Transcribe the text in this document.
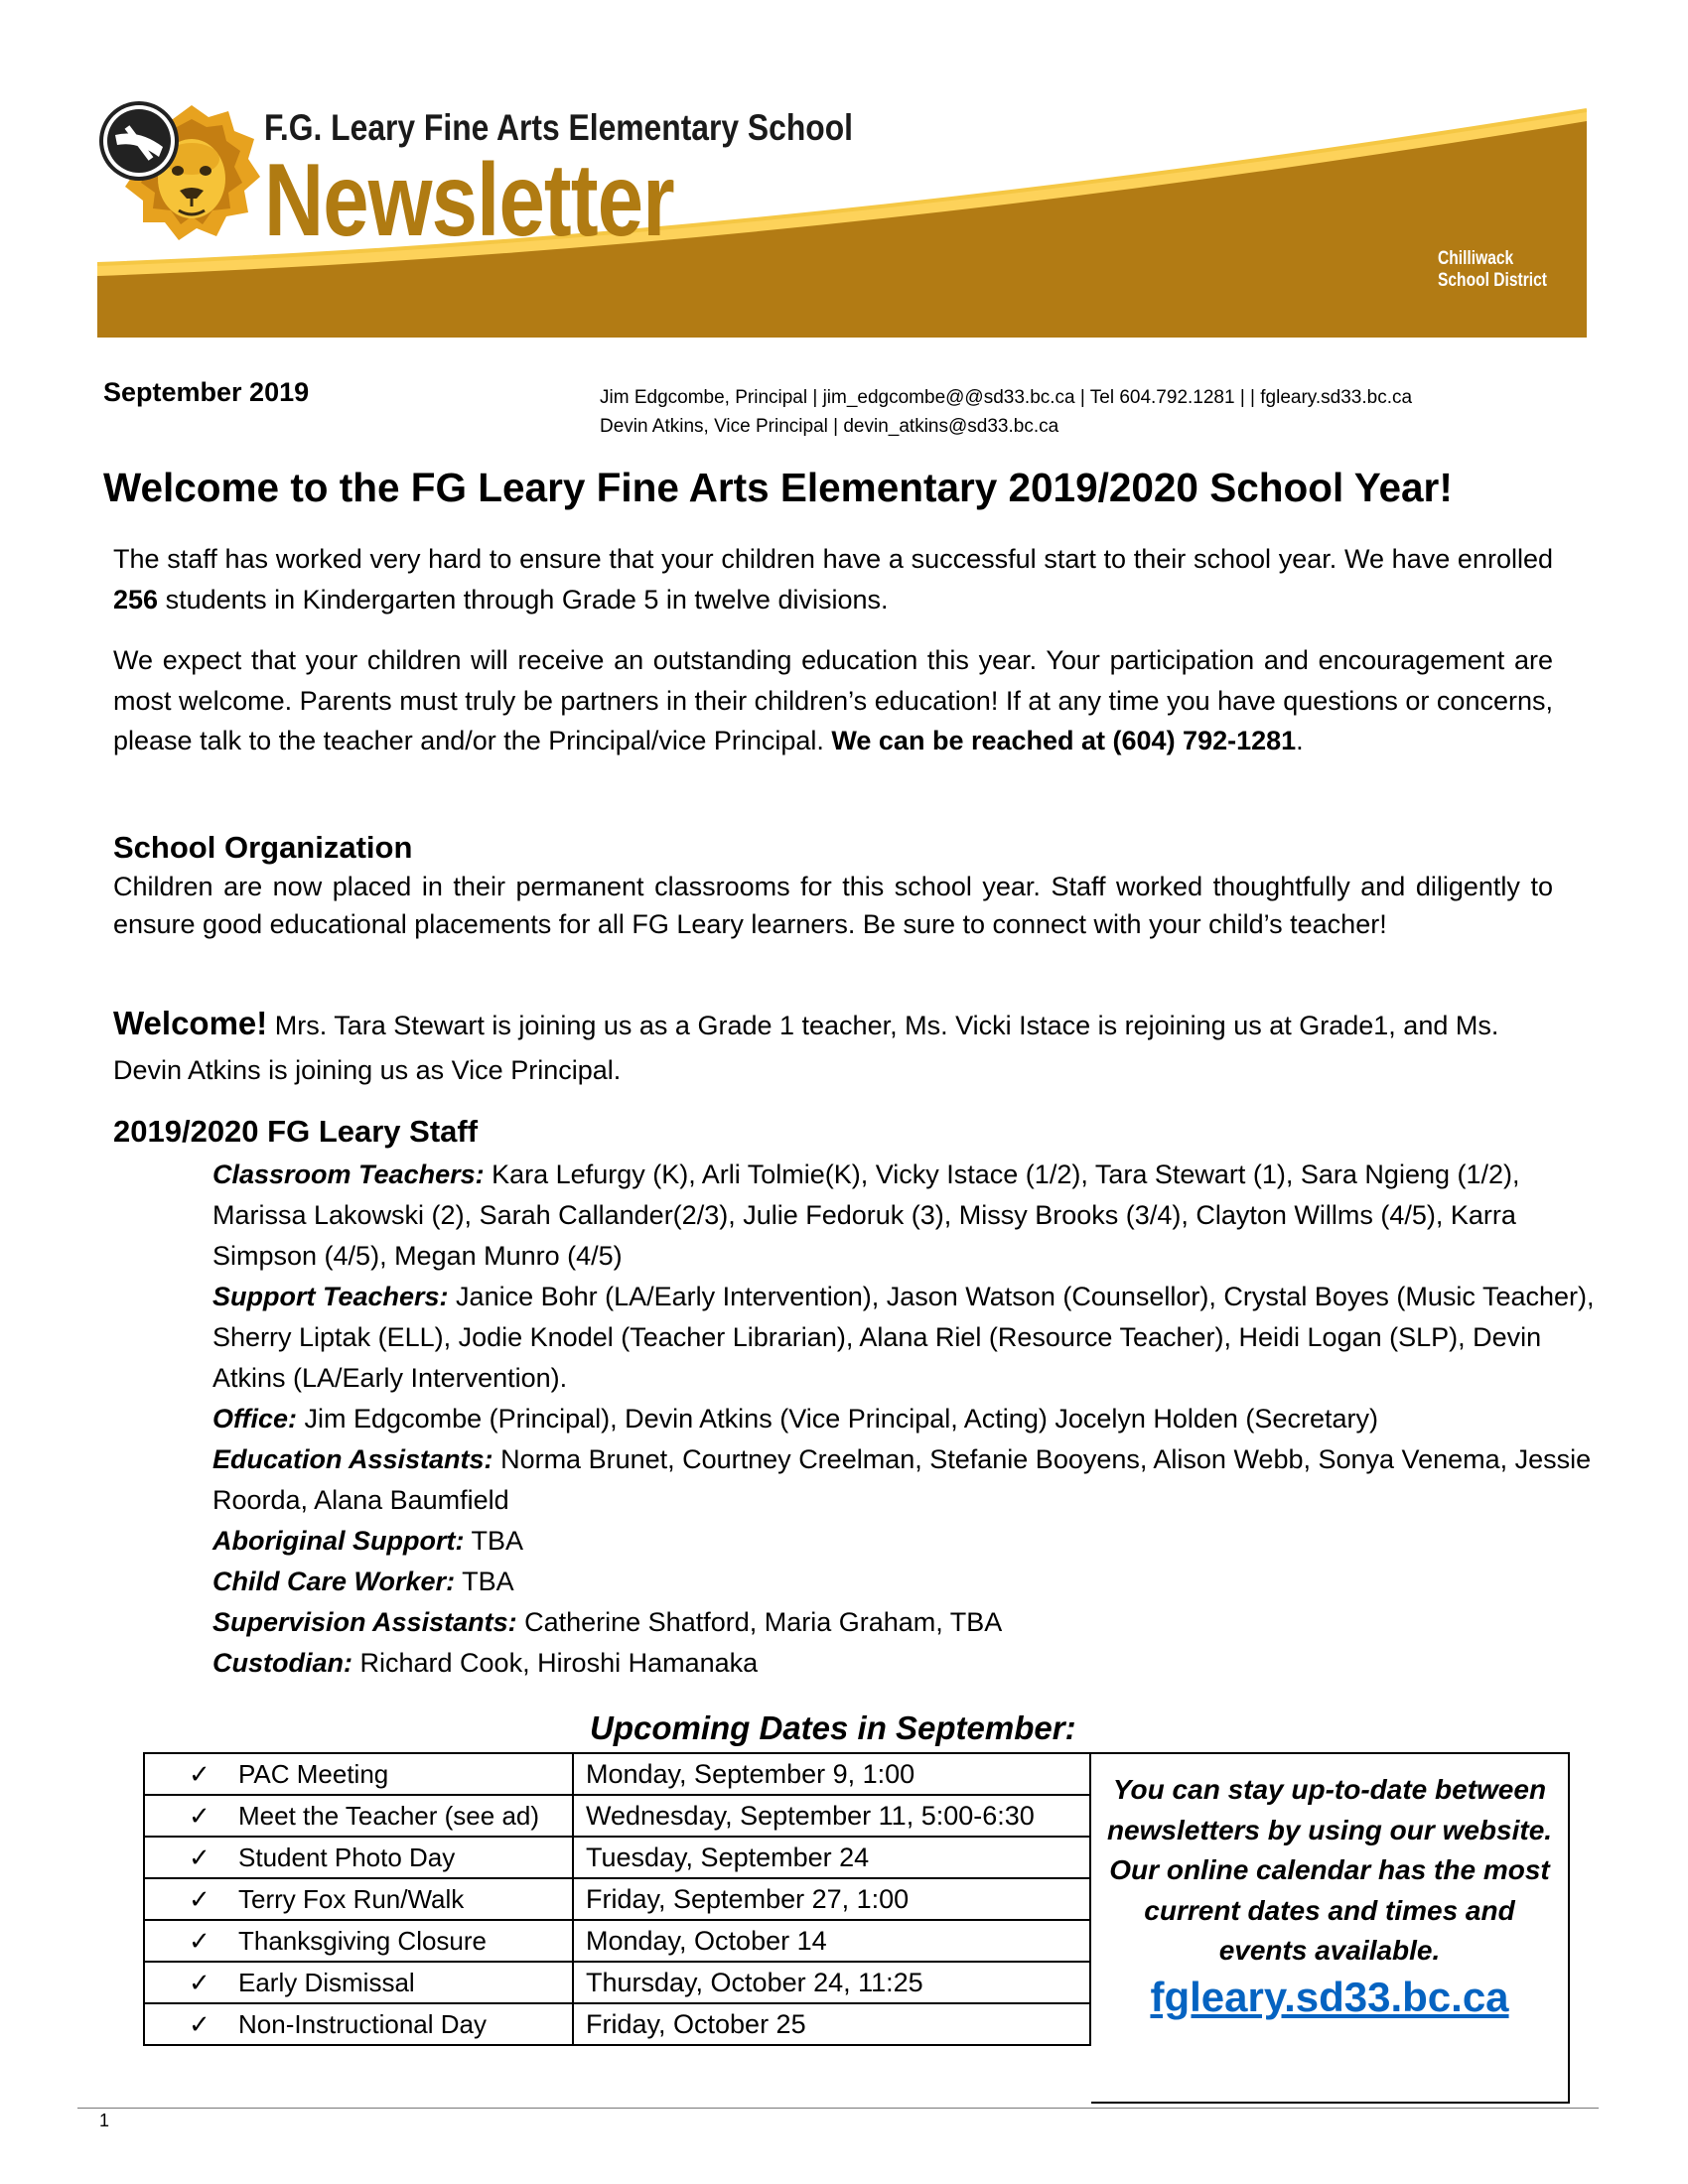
F.G. Leary Fine Arts Elementary School
Newsletter
Chilliwack
School District
September 2019	Jim Edgcombe, Principal | jim_edgcombe@@sd33.bc.ca | Tel 604.792.1281 | | fgleary.sd33.bc.ca
Devin Atkins, Vice Principal | devin_atkins@sd33.bc.ca
Welcome to the FG Leary Fine Arts Elementary 2019/2020 School Year!

The staff has worked very hard to ensure that your children have a successful start to their school year. We have enrolled 256 students in Kindergarten through Grade 5 in twelve divisions.

We expect that your children will receive an outstanding education this year. Your participation and encouragement are most welcome. Parents must truly be partners in their children’s education! If at any time you have questions or concerns, please talk to the teacher and/or the Principal/vice Principal. We can be reached at (604) 792-1281.

School Organization

Children are now placed in their permanent classrooms for this school year. Staff worked thoughtfully and diligently to ensure good educational placements for all FG Leary learners. Be sure to connect with your child’s teacher!

Welcome! Mrs. Tara Stewart is joining us as a Grade 1 teacher, Ms. Vicki Istace is rejoining us at Grade1, and Ms. Devin Atkins is joining us as Vice Principal.

2019/2020 FG Leary Staff

Classroom Teachers: Kara Lefurgy (K), Arli Tolmie(K), Vicky Istace (1/2), Tara Stewart (1), Sara Ngieng (1/2), Marissa Lakowski (2), Sarah Callander(2/3), Julie Fedoruk (3), Missy Brooks (3/4), Clayton Willms (4/5), Karra Simpson (4/5), Megan Munro (4/5)
Support Teachers: Janice Bohr (LA/Early Intervention), Jason Watson (Counsellor), Crystal Boyes (Music Teacher), Sherry Liptak (ELL), Jodie Knodel (Teacher Librarian), Alana Riel (Resource Teacher), Heidi Logan (SLP), Devin Atkins (LA/Early Intervention).
Office: Jim Edgcombe (Principal), Devin Atkins (Vice Principal, Acting) Jocelyn Holden (Secretary)
Education Assistants: Norma Brunet, Courtney Creelman, Stefanie Booyens, Alison Webb, Sonya Venema, Jessie Roorda, Alana Baumfield
Aboriginal Support: TBA
Child Care Worker: TBA
Supervision Assistants: Catherine Shatford, Maria Graham, TBA
Custodian: Richard Cook, Hiroshi Hamanaka

Upcoming Dates in September:
✓ PAC Meeting	Monday, September 9, 1:00
✓ Meet the Teacher (see ad)	Wednesday, September 11, 5:00-6:30
✓ Student Photo Day	Tuesday, September 24
✓ Terry Fox Run/Walk	Friday, September 27, 1:00
✓ Thanksgiving Closure	Monday, October 14
✓ Early Dismissal	Thursday, October 24, 11:25
✓ Non-Instructional Day	Friday, October 25

You can stay up-to-date between newsletters by using our website.

Our online calendar has the most current dates and times and events available.

fgleary.sd33.bc.ca
1
